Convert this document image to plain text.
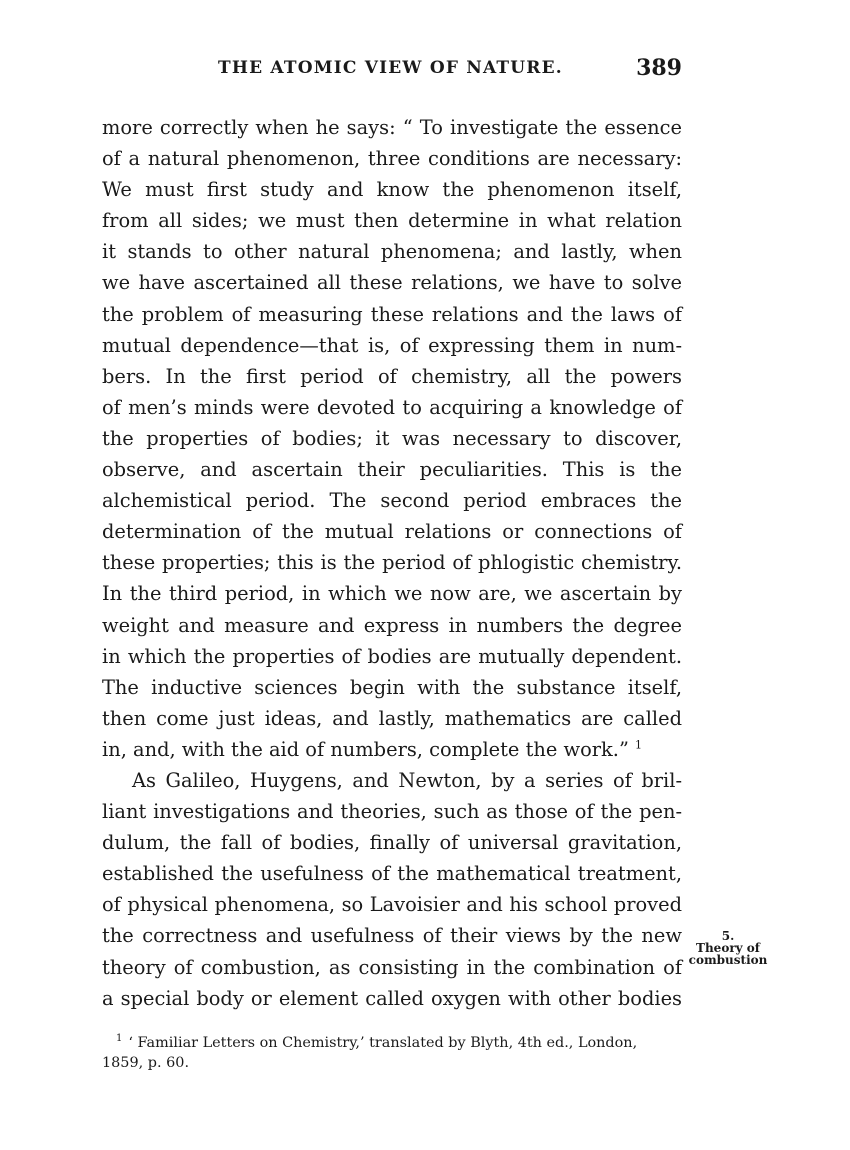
THE ATOMIC VIEW OF NATURE.	389
more correctly when he says: “ To investigate the essence
of a natural phenomenon, three conditions are necessary:
We must first study and know the phenomenon itself,
from all sides; we must then determine in what relation
it stands to other natural phenomena; and lastly, when
we have ascertained all these relations, we have to solve
the problem of measuring these relations and the laws of
mutual dependence—that is, of expressing them in num-
bers. In the first period of chemistry, all the powers
of men’s minds were devoted to acquiring a knowledge of
the properties of bodies; it was necessary to discover,
observe, and ascertain their peculiarities. This is the
alchemistical period. The second period embraces the
determination of the mutual relations or connections of
these properties; this is the period of phlogistic chemistry.
In the third period, in which we now are, we ascertain by
weight and measure and express in numbers the degree
in which the properties of bodies are mutually dependent.
The inductive sciences begin with the substance itself,
then come just ideas, and lastly, mathematics are called
in, and, with the aid of numbers, complete the work.” $^1$
As Galileo, Huygens, and Newton, by a series of bril-
liant investigations and theories, such as those of the pen-
dulum, the fall of bodies, finally of universal gravitation,
established the usefulness of the mathematical treatment,
of physical phenomena, so Lavoisier and his school proved
the correctness and usefulness of their views by the new
theory of combustion, as consisting in the combination of
a special body or element called oxygen with other bodies
5.
Theory of
combustion
$^1$ ‘ Familiar Letters on Chemistry,’ translated by Blyth, 4th ed., London,
1859, p. 60.
